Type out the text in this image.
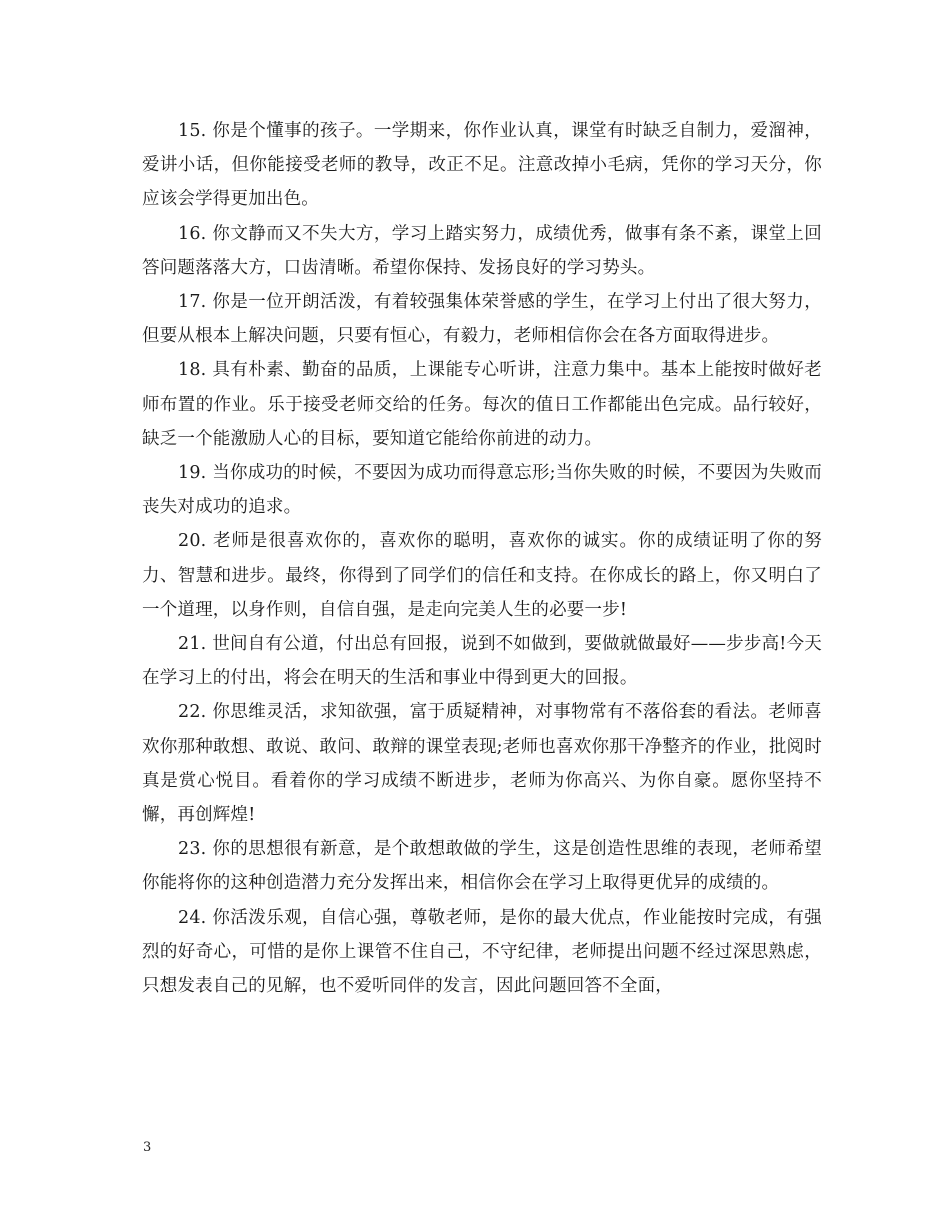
15. 你是个懂事的孩子。一学期来，你作业认真，课堂有时缺乏自制力，爱溜神，爱讲小话，但你能接受老师的教导，改正不足。注意改掉小毛病，凭你的学习天分，你应该会学得更加出色。

16. 你文静而又不失大方，学习上踏实努力，成绩优秀，做事有条不紊，课堂上回答问题落落大方，口齿清晰。希望你保持、发扬良好的学习势头。

17. 你是一位开朗活泼，有着较强集体荣誉感的学生，在学习上付出了很大努力，但要从根本上解决问题，只要有恒心，有毅力，老师相信你会在各方面取得进步。

18. 具有朴素、勤奋的品质，上课能专心听讲，注意力集中。基本上能按时做好老师布置的作业。乐于接受老师交给的任务。每次的值日工作都能出色完成。品行较好，缺乏一个能激励人心的目标，要知道它能给你前进的动力。

19. 当你成功的时候，不要因为成功而得意忘形;当你失败的时候，不要因为失败而丧失对成功的追求。

20. 老师是很喜欢你的，喜欢你的聪明，喜欢你的诚实。你的成绩证明了你的努力、智慧和进步。最终，你得到了同学们的信任和支持。在你成长的路上，你又明白了一个道理，以身作则，自信自强，是走向完美人生的必要一步!

21. 世间自有公道，付出总有回报，说到不如做到，要做就做最好——步步高!今天在学习上的付出，将会在明天的生活和事业中得到更大的回报。

22. 你思维灵活，求知欲强，富于质疑精神，对事物常有不落俗套的看法。老师喜欢你那种敢想、敢说、敢问、敢辩的课堂表现;老师也喜欢你那干净整齐的作业，批阅时真是赏心悦目。看着你的学习成绩不断进步，老师为你高兴、为你自豪。愿你坚持不懈，再创辉煌!

23. 你的思想很有新意，是个敢想敢做的学生，这是创造性思维的表现，老师希望你能将你的这种创造潜力充分发挥出来，相信你会在学习上取得更优异的成绩的。

24. 你活泼乐观，自信心强，尊敬老师，是你的最大优点，作业能按时完成，有强烈的好奇心，可惜的是你上课管不住自己，不守纪律，老师提出问题不经过深思熟虑，只想发表自己的见解，也不爱听同伴的发言，因此问题回答不全面，

3
